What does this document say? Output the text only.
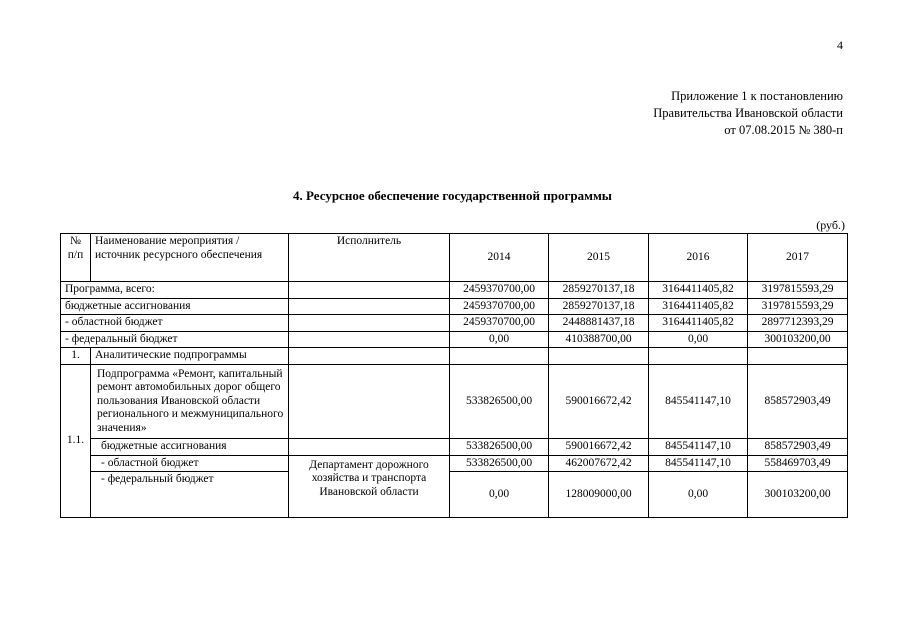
4
Приложение 1 к постановлению
Правительства Ивановской области
от 07.08.2015 № 380-п
4. Ресурсное обеспечение государственной программы
(руб.)
№ п/п	Наименование мероприятия / источник ресурсного обеспечения	Исполнитель	2014	2015	2016	2017
Программа, всего:			2459370700,00	2859270137,18	3164411405,82	3197815593,29
бюджетные ассигнования			2459370700,00	2859270137,18	3164411405,82	3197815593,29
- областной бюджет			2459370700,00	2448881437,18	3164411405,82	2897712393,29
- федеральный бюджет			0,00	410388700,00	0,00	300103200,00
1.	Аналитические подпрограммы					
1.1.	Подпрограмма «Ремонт, капитальный ремонт автомобильных дорог общего пользования Ивановской области регионального и межмуниципального значения»		533826500,00	590016672,42	845541147,10	858572903,49
	бюджетные ассигнования		533826500,00	590016672,42	845541147,10	858572903,49
	- областной бюджет	Департамент дорожного хозяйства и транспорта Ивановской области	533826500,00	462007672,42	845541147,10	558469703,49
	- федеральный бюджет		0,00	128009000,00	0,00	300103200,00
